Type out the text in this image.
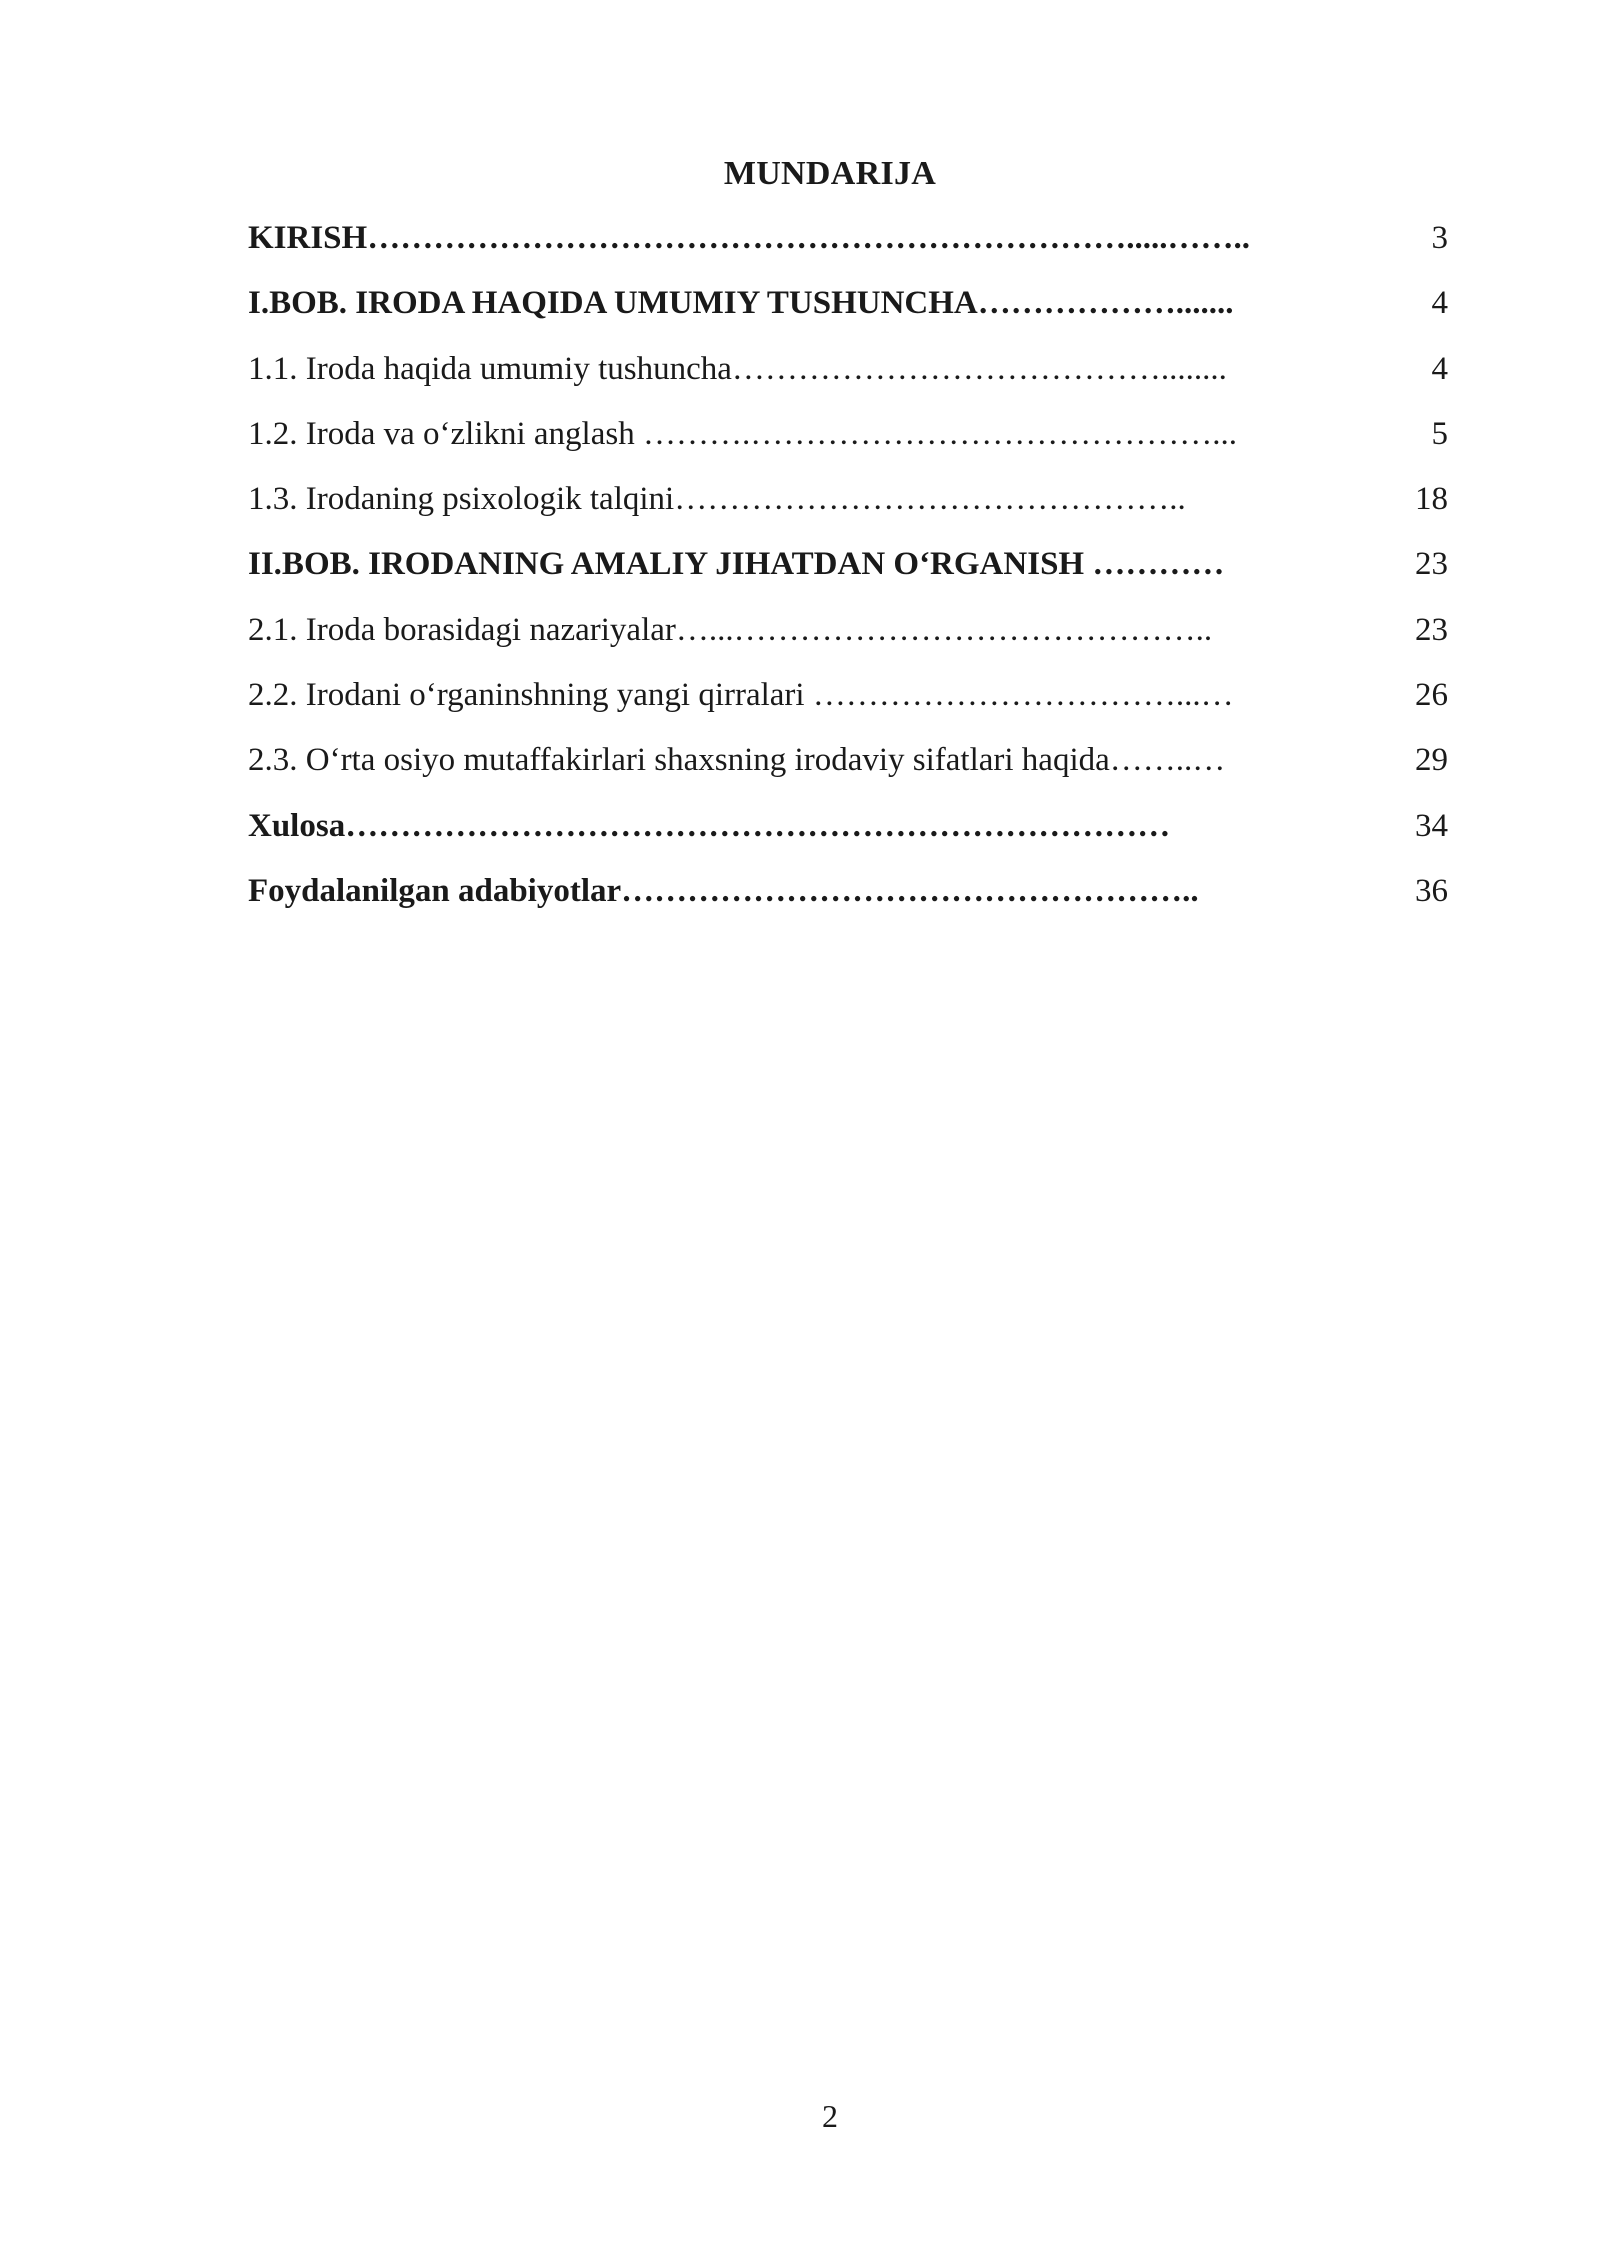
MUNDARIJA
KIRISH…………………………………………………………….....……..	3
I.BOB. IRODA HAQIDA UMUMIY TUSHUNCHA……………….......	4
1.1. Iroda haqida umumiy tushuncha…………………………………........	4
1.2. Iroda va o‘zlikni anglash ……….……………………………………...	5
1.3. Irodaning psixologik talqini………………………………………..	18
II.BOB. IRODANING AMALIY JIHATDAN O‘RGANISH …………	23
2.1. Iroda borasidagi nazariyalar…...……………………………………..	23
2.2. Irodani o‘rganinshning yangi qirralari ……………………………...…	26
2.3. O‘rta osiyo mutaffakirlari shaxsning irodaviy sifatlari haqida……..…	29
Xulosa…………………………………………………………………	34
Foydalanilgan adabiyotlar……………………………………………..	36
2
